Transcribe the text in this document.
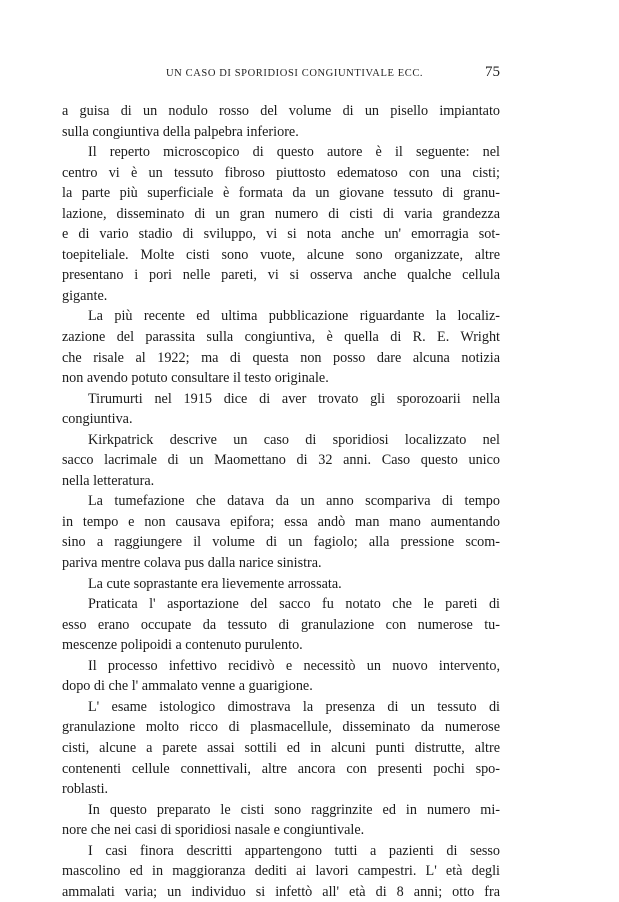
UN CASO DI SPORIDIOSI CONGIUNTIVALE ECC.	75
a guisa di un nodulo rosso del volume di un pisello impiantato
sulla congiuntiva della palpebra inferiore.
Il reperto microscopico di questo autore è il seguente: nel
centro vi è un tessuto fibroso piuttosto edematoso con una cisti;
la parte più superficiale è formata da un giovane tessuto di granu-
lazione, disseminato di un gran numero di cisti di varia grandezza
e di vario stadio di sviluppo, vi si nota anche un' emorragia sot-
toepiteliale. Molte cisti sono vuote, alcune sono organizzate, altre
presentano i pori nelle pareti, vi si osserva anche qualche cellula
gigante.
La più recente ed ultima pubblicazione riguardante la localiz-
zazione del parassita sulla congiuntiva, è quella di R. E. Wright
che risale al 1922; ma di questa non posso dare alcuna notizia
non avendo potuto consultare il testo originale.
Tirumurti nel 1915 dice di aver trovato gli sporozoarii nella
congiuntiva.
Kirkpatrick descrive un caso di sporidiosi localizzato nel
sacco lacrimale di un Maomettano di 32 anni. Caso questo unico
nella letteratura.
La tumefazione che datava da un anno scompariva di tempo
in tempo e non causava epifora; essa andò man mano aumentando
sino a raggiungere il volume di un fagiolo; alla pressione scom-
pariva mentre colava pus dalla narice sinistra.
La cute soprastante era lievemente arrossata.
Praticata l' asportazione del sacco fu notato che le pareti di
esso erano occupate da tessuto di granulazione con numerose tu-
mescenze polipoidi a contenuto purulento.
Il processo infettivo recidivò e necessitò un nuovo intervento,
dopo di che l' ammalato venne a guarigione.
L' esame istologico dimostrava la presenza di un tessuto di
granulazione molto ricco di plasmacellule, disseminato da numerose
cisti, alcune a parete assai sottili ed in alcuni punti distrutte, altre
contenenti cellule connettivali, altre ancora con presenti pochi spo-
roblasti.
In questo preparato le cisti sono raggrinzite ed in numero mi-
nore che nei casi di sporidiosi nasale e congiuntivale.
I casi finora descritti appartengono tutti a pazienti di sesso
mascolino ed in maggioranza dediti ai lavori campestri. L' età degli
ammalati varia; un individuo si infettò all' età di 8 anni; otto fra
